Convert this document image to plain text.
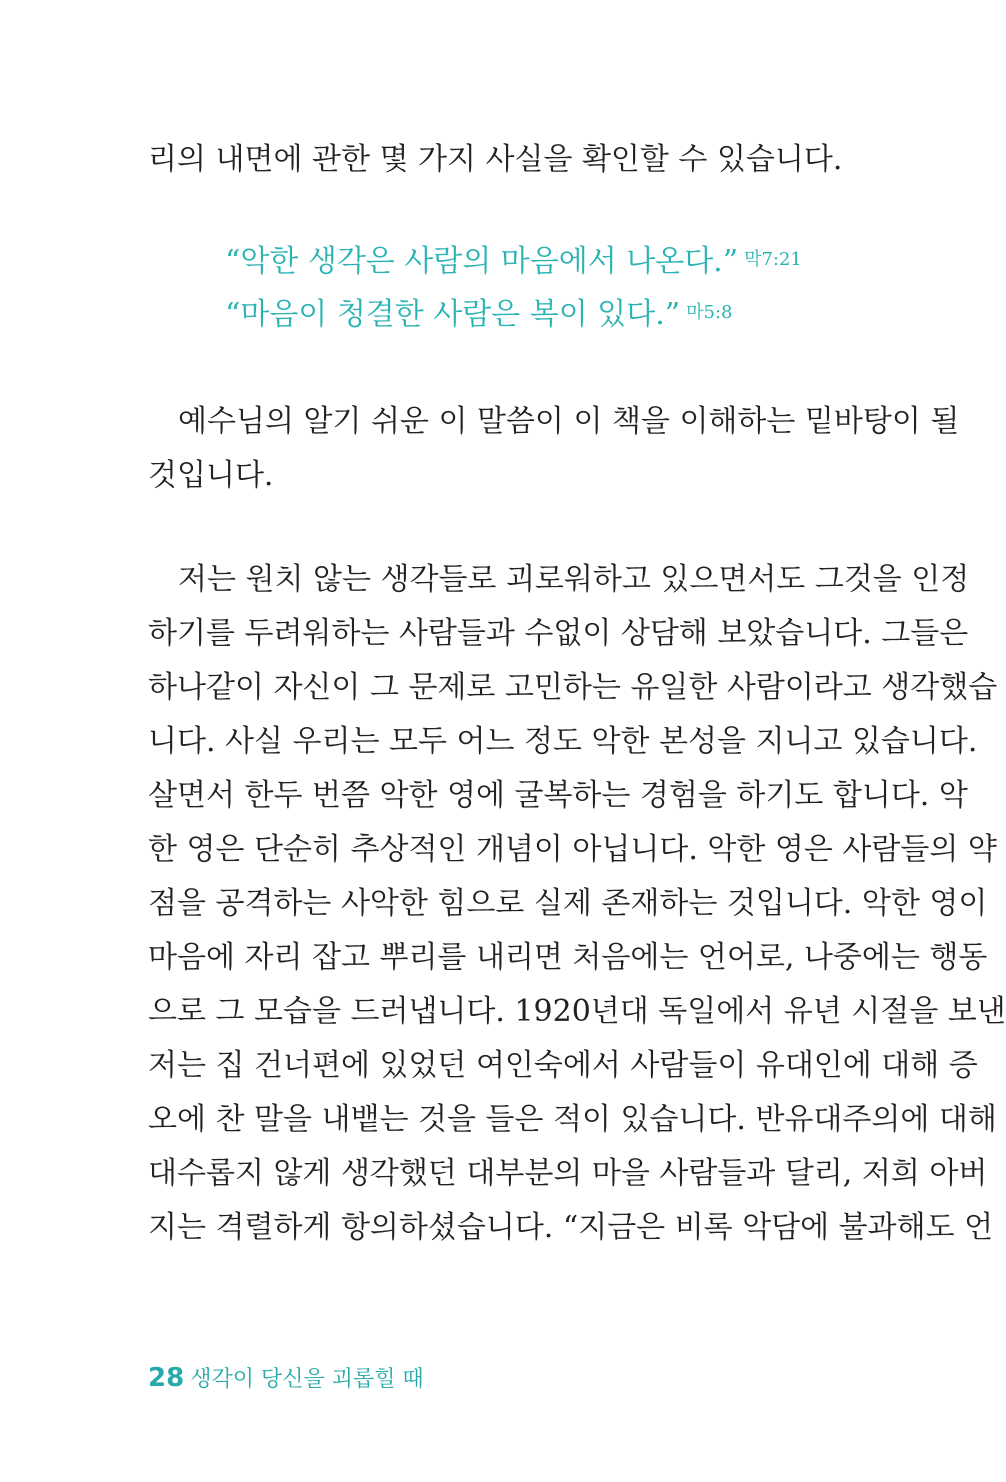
리의 내면에 관한 몇 가지 사실을 확인할 수 있습니다.
“악한 생각은 사람의 마음에서 나온다.” $^{막7:21}$
“마음이 청결한 사람은 복이 있다.” $^{마5:8}$
예수님의 알기 쉬운 이 말씀이 이 책을 이해하는 밑바탕이 될
것입니다.
저는 원치 않는 생각들로 괴로워하고 있으면서도 그것을 인정
하기를 두려워하는 사람들과 수없이 상담해 보았습니다. 그들은
하나같이 자신이 그 문제로 고민하는 유일한 사람이라고 생각했습
니다. 사실 우리는 모두 어느 정도 악한 본성을 지니고 있습니다.
살면서 한두 번쯤 악한 영에 굴복하는 경험을 하기도 합니다. 악
한 영은 단순히 추상적인 개념이 아닙니다. 악한 영은 사람들의 약
점을 공격하는 사악한 힘으로 실제 존재하는 것입니다. 악한 영이
마음에 자리 잡고 뿌리를 내리면 처음에는 언어로, 나중에는 행동
으로 그 모습을 드러냅니다. 1920년대 독일에서 유년 시절을 보낸
저는 집 건너편에 있었던 여인숙에서 사람들이 유대인에 대해 증
오에 찬 말을 내뱉는 것을 들은 적이 있습니다. 반유대주의에 대해
대수롭지 않게 생각했던 대부분의 마을 사람들과 달리, 저희 아버
지는 격렬하게 항의하셨습니다. “지금은 비록 악담에 불과해도 언
28 생각이 당신을 괴롭힐 때
